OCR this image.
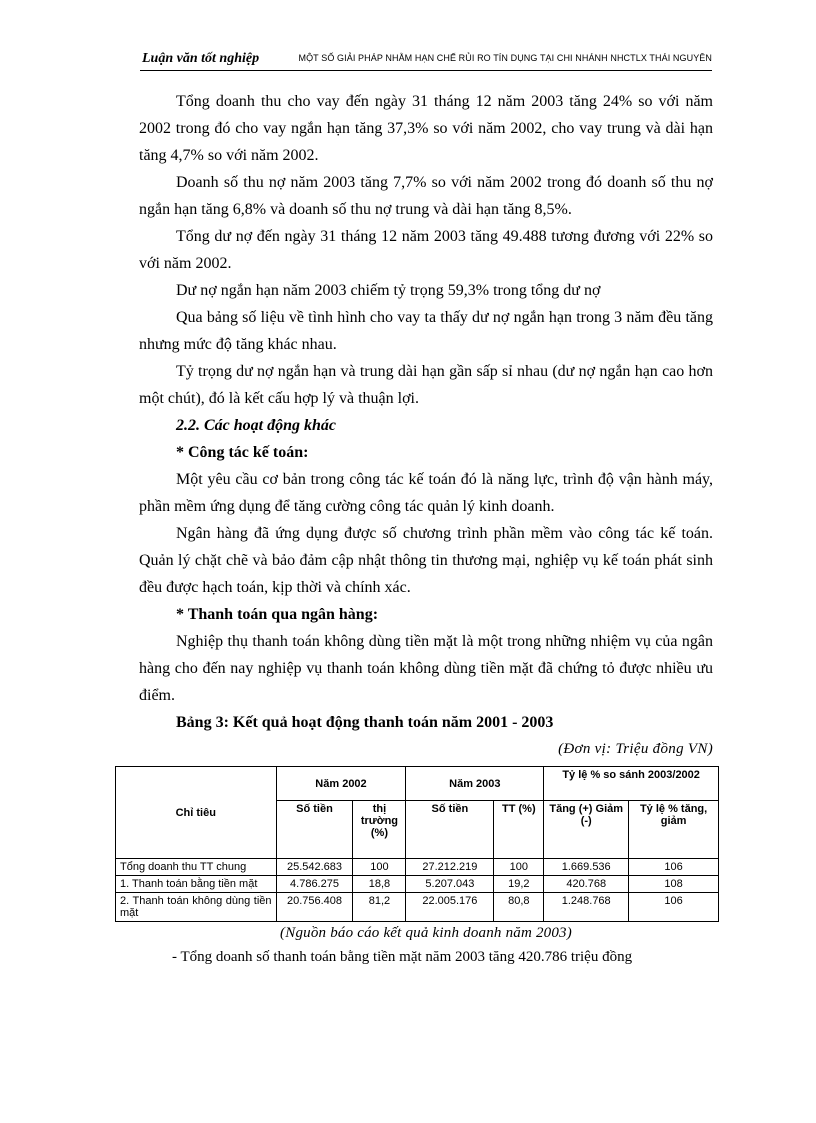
Luận văn tốt nghiệp	MỘT SỐ GIẢI PHÁP NHẰM HẠN CHẾ RỦI RO TÍN DỤNG TẠI CHI NHÁNH NHCTLX THÁI NGUYÊN

Tổng doanh thu cho vay đến ngày 31 tháng 12 năm 2003 tăng 24% so với năm 2002 trong đó cho vay ngắn hạn tăng 37,3% so với năm 2002, cho vay trung và dài hạn tăng 4,7% so với năm 2002.

Doanh số thu nợ năm 2003 tăng 7,7% so với năm 2002 trong đó doanh số thu nợ ngắn hạn tăng 6,8% và doanh số thu nợ trung và dài hạn tăng 8,5%.

Tổng dư nợ đến ngày 31 tháng 12 năm 2003 tăng 49.488 tương đương với 22% so với năm 2002.

Dư nợ ngắn hạn năm 2003 chiếm tỷ trọng 59,3% trong tổng dư nợ

Qua bảng số liệu về tình hình cho vay ta thấy dư nợ ngắn hạn trong 3 năm đều tăng nhưng mức độ tăng khác nhau.

Tỷ trọng dư nợ ngắn hạn và trung dài hạn gần sấp sỉ nhau (dư nợ ngắn hạn cao hơn một chút), đó là kết cấu hợp lý và thuận lợi.

2.2. Các hoạt động khác
* Công tác kế toán:

Một yêu cầu cơ bản trong công tác kế toán đó là năng lực, trình độ vận hành máy, phần mềm ứng dụng để tăng cường công tác quản lý kinh doanh.

Ngân hàng đã ứng dụng được số chương trình phần mềm vào công tác kế toán. Quản lý chặt chẽ và bảo đảm cập nhật thông tin thương mại, nghiệp vụ kế toán phát sinh đều được hạch toán, kịp thời và chính xác.

* Thanh toán qua ngân hàng:

Nghiệp thụ thanh toán không dùng tiền mặt là một trong những nhiệm vụ của ngân hàng cho đến nay nghiệp vụ thanh toán không dùng tiền mặt đã chứng tỏ được nhiều ưu điểm.

Bảng 3: Kết quả hoạt động thanh toán năm 2001 - 2003
(Đơn vị: Triệu đồng VN)
Chỉ tiêu	Năm 2002		Năm 2003		Tỷ lệ % so sánh 2003/2002	
	Số tiền	thị trường (%)	Số tiền	TT (%)	Tăng (+) Giảm (-)	Tỷ lệ % tăng, giảm
Tổng doanh thu TT chung	25.542.683	100	27.212.219	100	1.669.536	106
1. Thanh toán bằng tiền mặt	4.786.275	18,8	5.207.043	19,2	420.768	108
2. Thanh toán không dùng tiền mặt	20.756.408	81,2	22.005.176	80,8	1.248.768	106
(Nguồn báo cáo kết quả kinh doanh năm 2003)
- Tổng doanh số thanh toán bằng tiền mặt năm 2003 tăng 420.786 triệu đồng
